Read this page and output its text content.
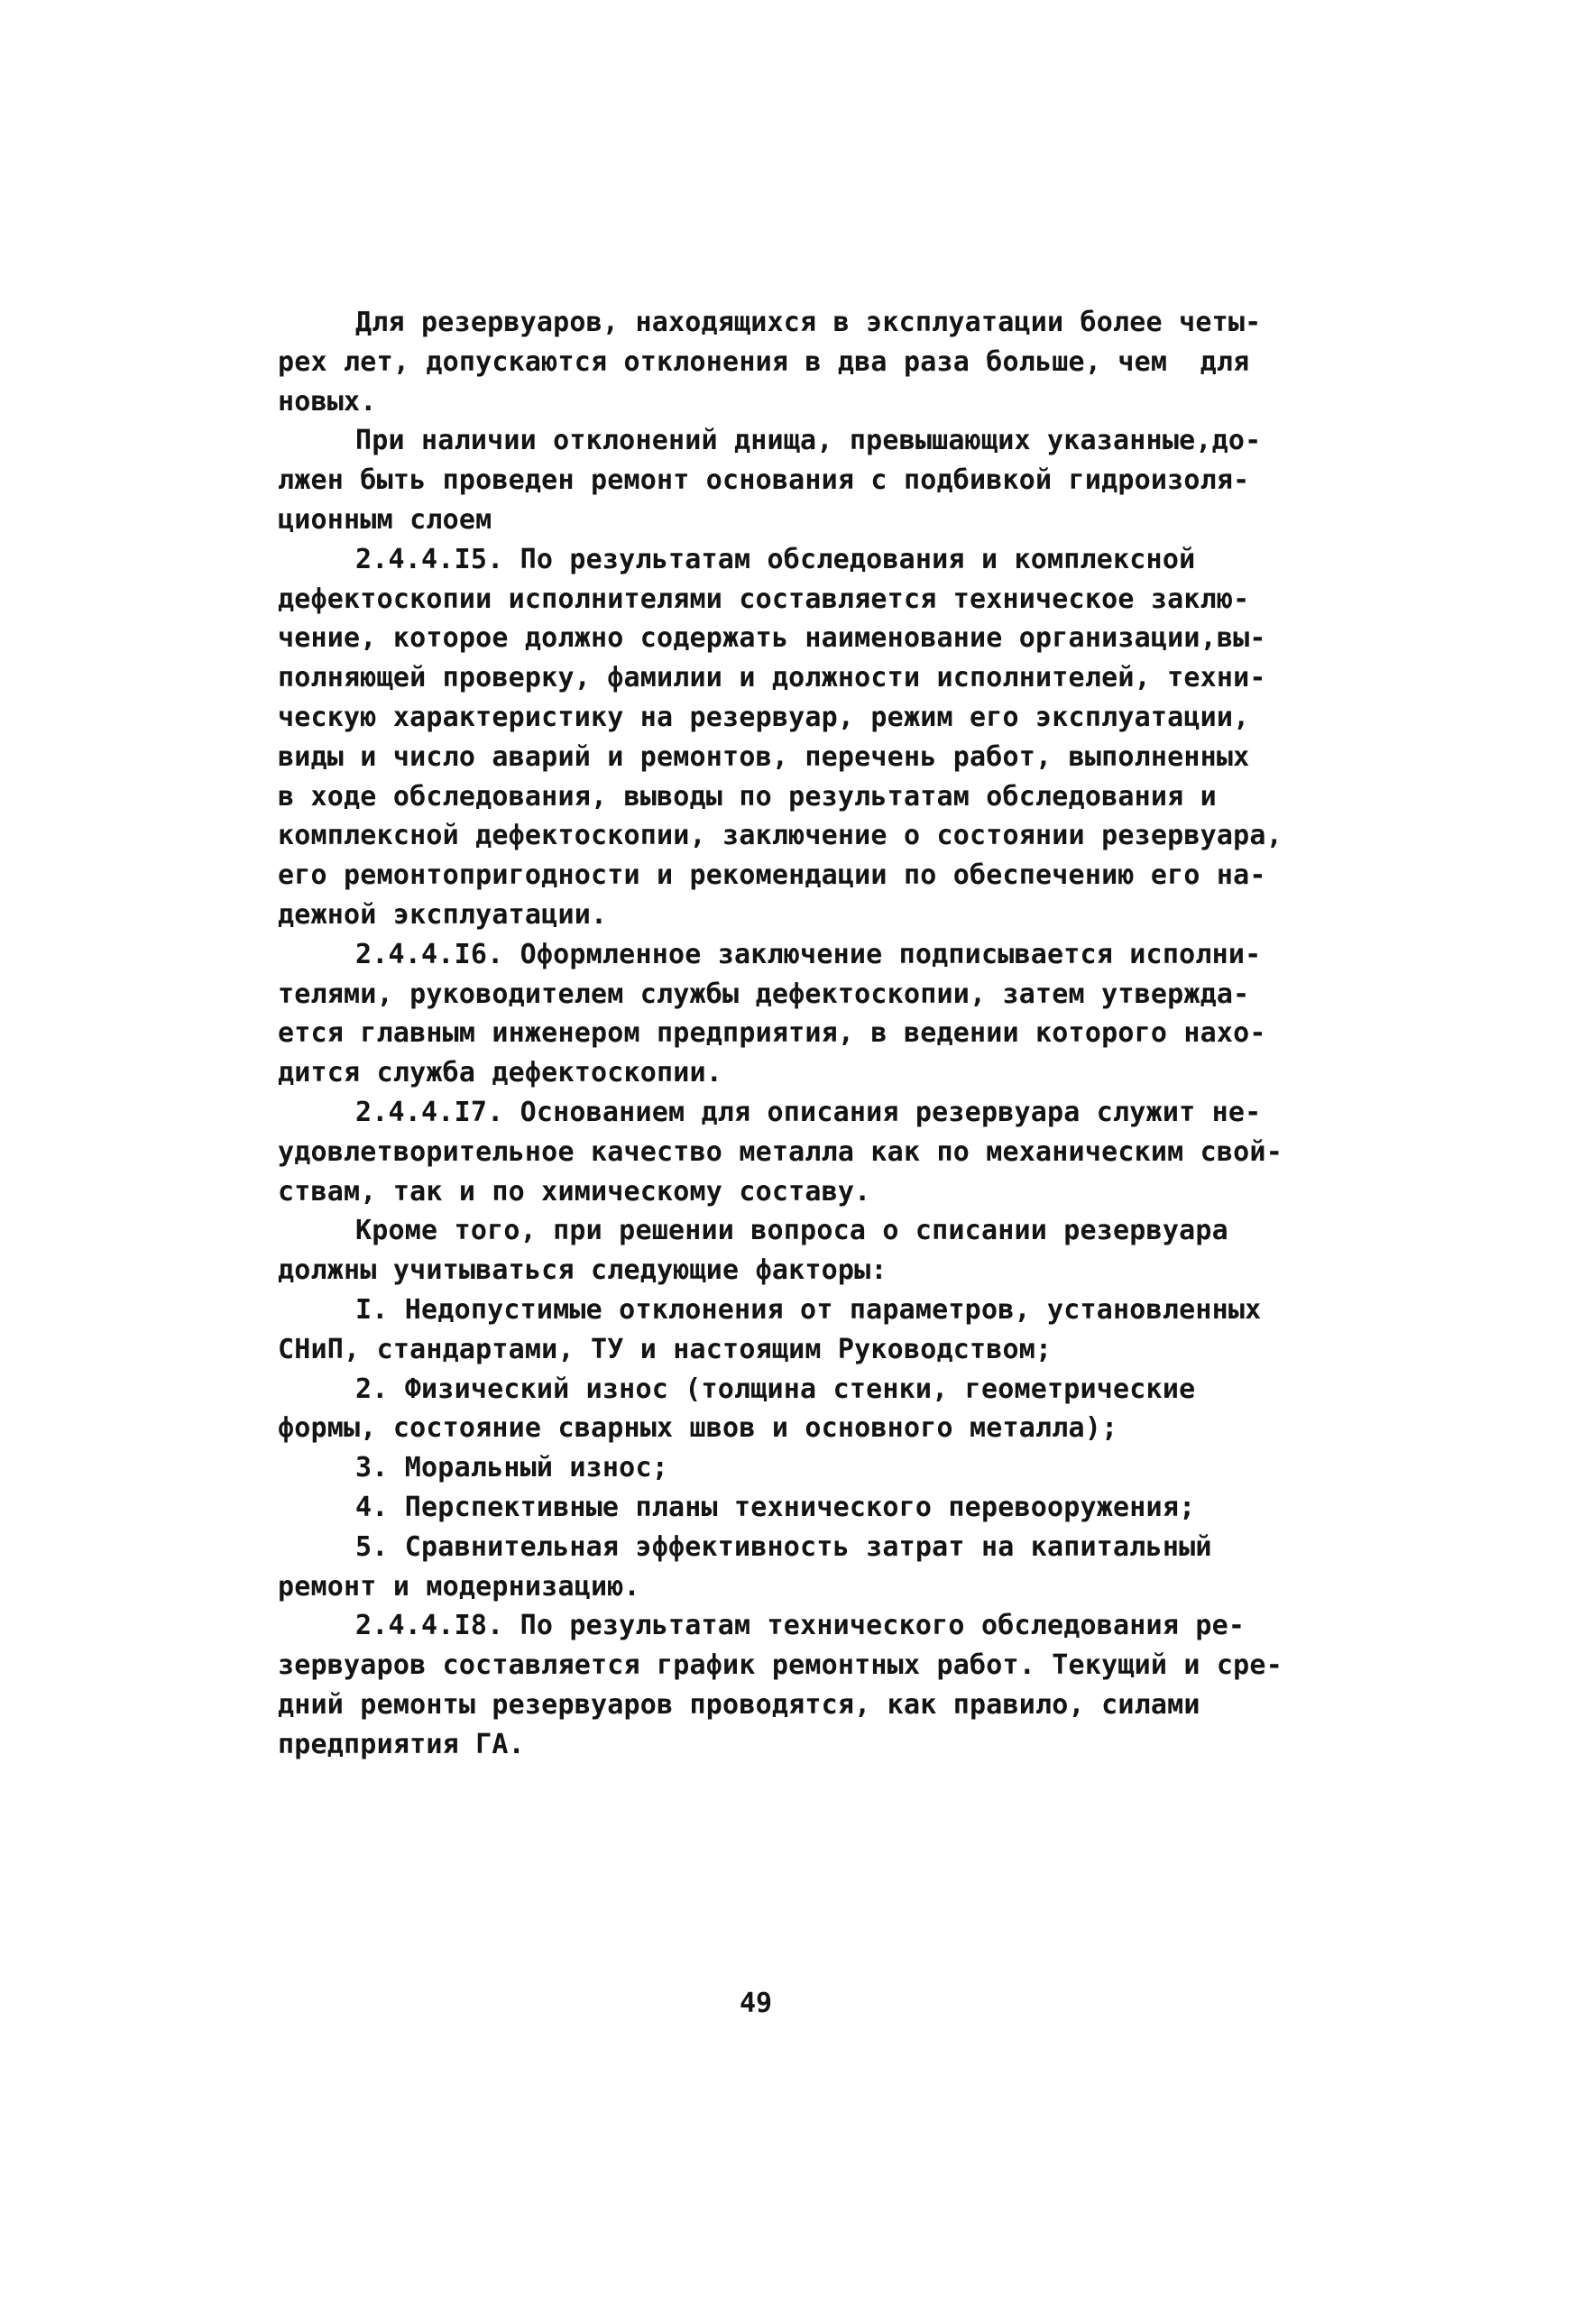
Для резервуаров, находящихся в эксплуатации более четы-
рех лет, допускаются отклонения в два раза больше, чем  для
новых.
При наличии отклонений днища, превышающих указанные,до-
лжен быть проведен ремонт основания с подбивкой гидроизоля-
ционным слоем
2.4.4.I5. По результатам обследования и комплексной
дефектоскопии исполнителями составляется техническое заклю-
чение, которое должно содержать наименование организации,вы-
полняющей проверку, фамилии и должности исполнителей, техни-
ческую характеристику на резервуар, режим его эксплуатации,
виды и число аварий и ремонтов, перечень работ, выполненных
в ходе обследования, выводы по результатам обследования и
комплексной дефектоскопии, заключение о состоянии резервуара,
его ремонтопригодности и рекомендации по обеспечению его на-
дежной эксплуатации.
2.4.4.I6. Оформленное заключение подписывается исполни-
телями, руководителем службы дефектоскопии, затем утвержда-
ется главным инженером предприятия, в ведении которого нахо-
дится служба дефектоскопии.
2.4.4.I7. Основанием для описания резервуара служит не-
удовлетворительное качество металла как по механическим свой-
ствам, так и по химическому составу.
Кроме того, при решении вопроса о списании резервуара
должны учитываться следующие факторы:
I. Недопустимые отклонения от параметров, установленных
СНиП, стандартами, ТУ и настоящим Руководством;
2. Физический износ (толщина стенки, геометрические
формы, состояние сварных швов и основного металла);
3. Моральный износ;
4. Перспективные планы технического перевооружения;
5. Сравнительная эффективность затрат на капитальный
ремонт и модернизацию.
2.4.4.I8. По результатам технического обследования ре-
зервуаров составляется график ремонтных работ. Текущий и сре-
дний ремонты резервуаров проводятся, как правило, силами
предприятия ГА.
49
